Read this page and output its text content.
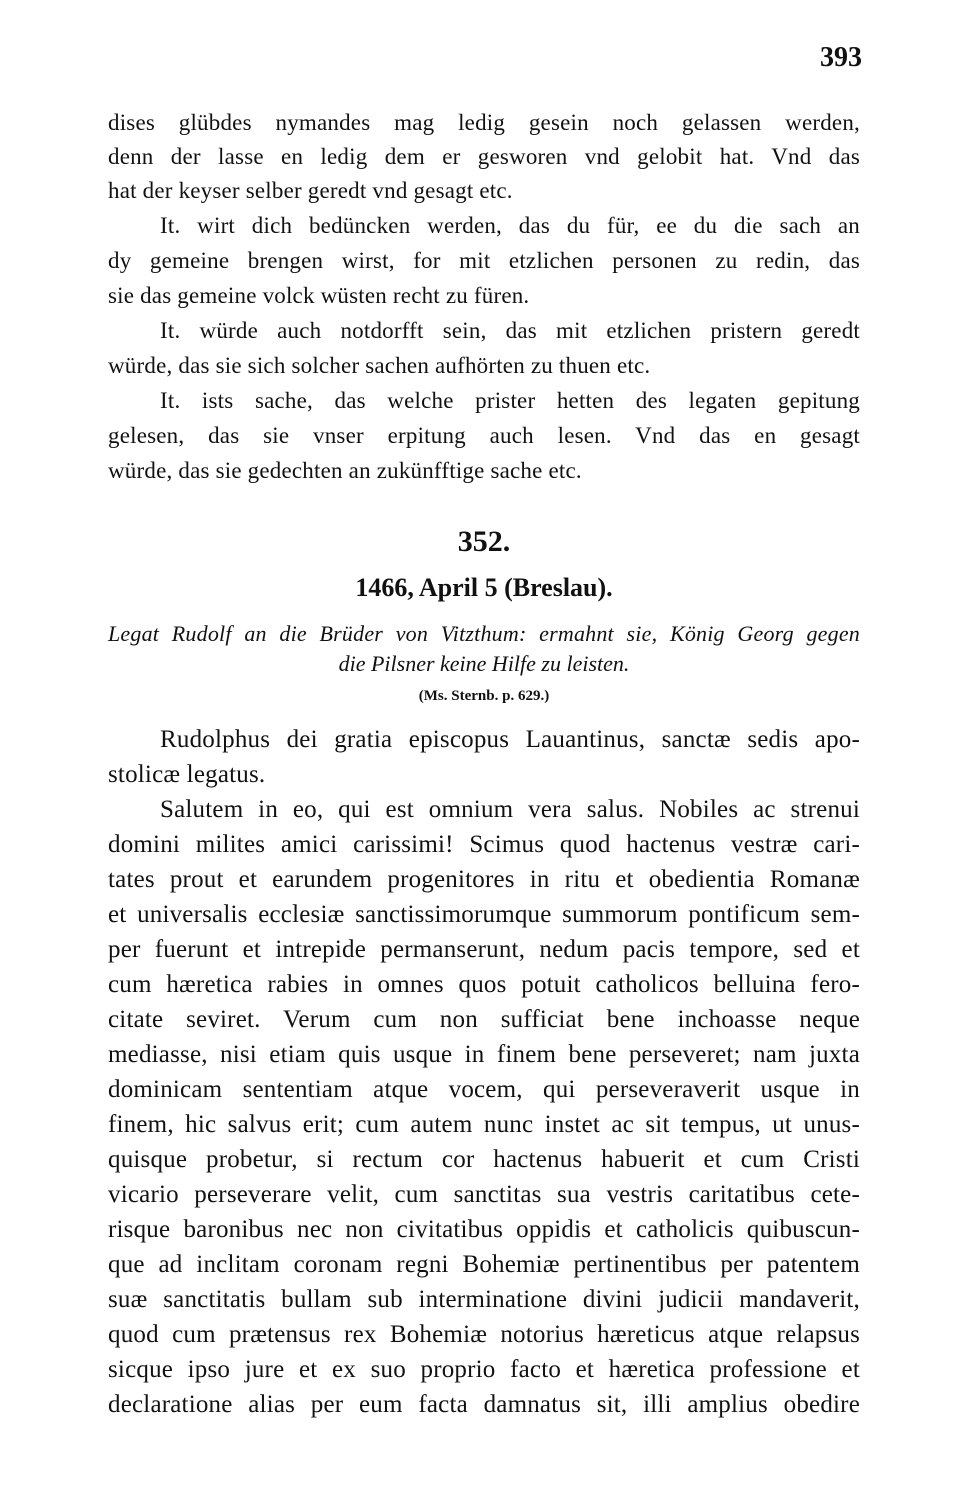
393
dises glübdes nymandes mag ledig gesein noch gelassen werden,
denn der lasse en ledig dem er gesworen vnd gelobit hat. Vnd das
hat der keyser selber geredt vnd gesagt etc.
It. wirt dich bedüncken werden, das du für, ee du die sach an
dy gemeine brengen wirst, for mit etzlichen personen zu redin, das
sie das gemeine volck wüsten recht zu füren.
It. würde auch notdorfft sein, das mit etzlichen pristern geredt
würde, das sie sich solcher sachen aufhörten zu thuen etc.
It. ists sache, das welche prister hetten des legaten gepitung
gelesen, das sie vnser erpitung auch lesen. Vnd das en gesagt
würde, das sie gedechten an zukünfftige sache etc.
352.
1466, April 5 (Breslau).
Legat Rudolf an die Brüder von Vitzthum: ermahnt sie, König Georg gegen
die Pilsner keine Hilfe zu leisten.
(Ms. Sternb. p. 629.)
Rudolphus dei gratia episcopus Lauantinus, sanctæ sedis apo-
stolicæ legatus.
Salutem in eo, qui est omnium vera salus. Nobiles ac strenui
domini milites amici carissimi! Scimus quod hactenus vestræ cari-
tates prout et earundem progenitores in ritu et obedientia Romanæ
et universalis ecclesiæ sanctissimorumque summorum pontificum sem-
per fuerunt et intrepide permanserunt, nedum pacis tempore, sed et
cum hæretica rabies in omnes quos potuit catholicos belluina fero-
citate seviret. Verum cum non sufficiat bene inchoasse neque
mediasse, nisi etiam quis usque in finem bene perseveret; nam juxta
dominicam sententiam atque vocem, qui perseveraverit usque in
finem, hic salvus erit; cum autem nunc instet ac sit tempus, ut unus-
quisque probetur, si rectum cor hactenus habuerit et cum Cristi
vicario perseverare velit, cum sanctitas sua vestris caritatibus cete-
risque baronibus nec non civitatibus oppidis et catholicis quibuscun-
que ad inclitam coronam regni Bohemiæ pertinentibus per patentem
suæ sanctitatis bullam sub interminatione divini judicii mandaverit,
quod cum prætensus rex Bohemiæ notorius hæreticus atque relapsus
sicque ipso jure et ex suo proprio facto et hæretica professione et
declaratione alias per eum facta damnatus sit, illi amplius obedire
